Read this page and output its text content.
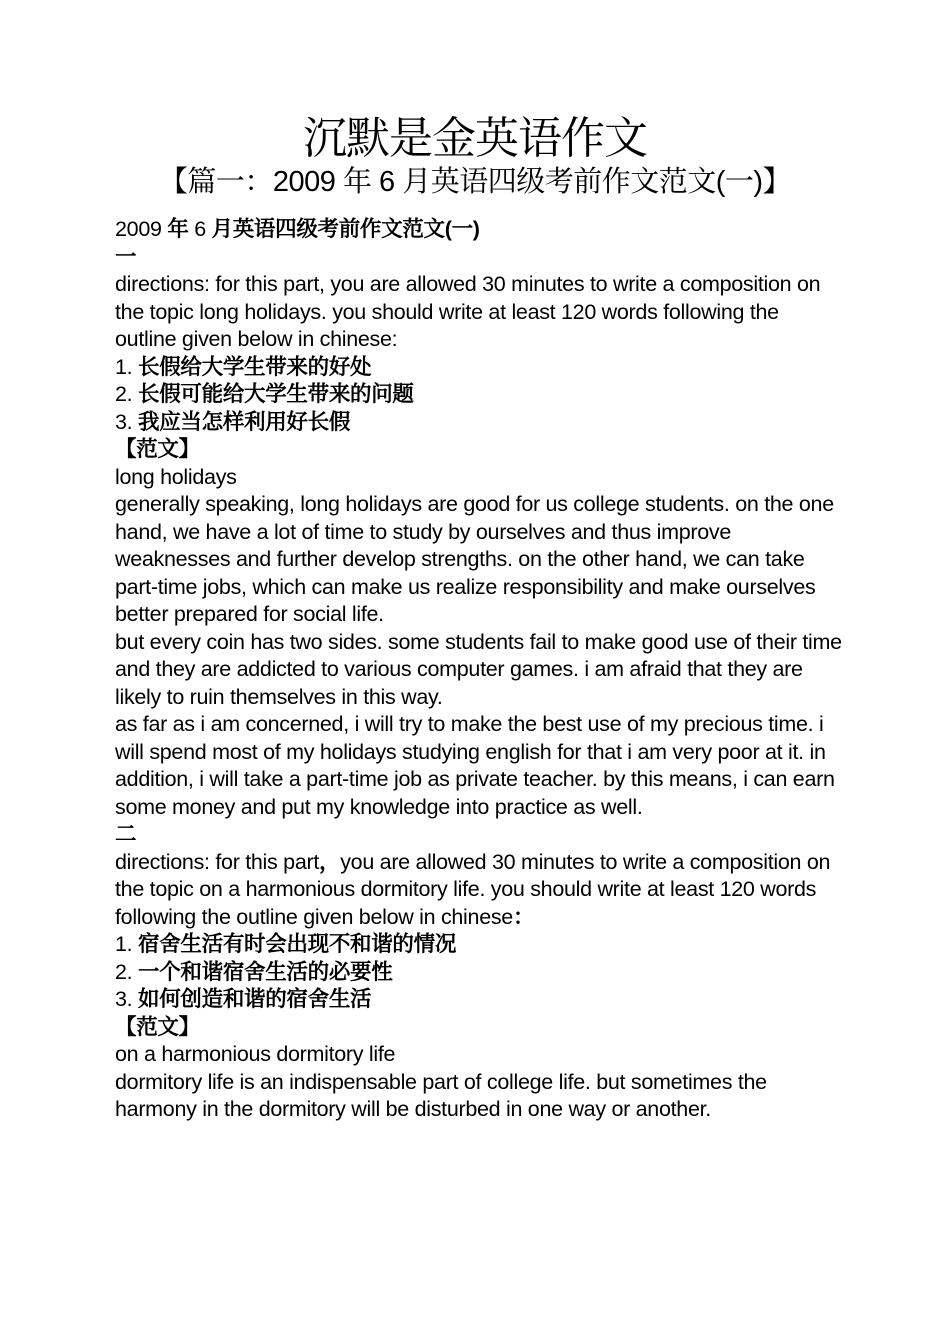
沉默是金英语作文
【篇一：2009 年 6 月英语四级考前作文范文(一)】

2009 年 6 月英语四级考前作文范文(一)

一

directions: for this part, you are allowed 30 minutes to write a composition on the topic long holidays. you should write at least 120 words following the outline given below in chinese:

1. 长假给大学生带来的好处

2. 长假可能给大学生带来的问题

3. 我应当怎样利用好长假

【范文】

long holidays

generally speaking, long holidays are good for us college students. on the one hand, we have a lot of time to study by ourselves and thus improve weaknesses and further develop strengths. on the other hand, we can take part-time jobs, which can make us realize responsibility and make ourselves better prepared for social life.

but every coin has two sides. some students fail to make good use of their time and they are addicted to various computer games. i am afraid that they are likely to ruin themselves in this way.

as far as i am concerned, i will try to make the best use of my precious time. i will spend most of my holidays studying english for that i am very poor at it. in addition, i will take a part-time job as private teacher. by this means, i can earn some money and put my knowledge into practice as well.

二

directions: for this part，you are allowed 30 minutes to write a composition on the topic on a harmonious dormitory life. you should write at least 120 words following the outline given below in chinese：

1. 宿舍生活有时会出现不和谐的情况

2. 一个和谐宿舍生活的必要性

3. 如何创造和谐的宿舍生活

【范文】

on a harmonious dormitory life

dormitory life is an indispensable part of college life. but sometimes the harmony in the dormitory will be disturbed in one way or another.
